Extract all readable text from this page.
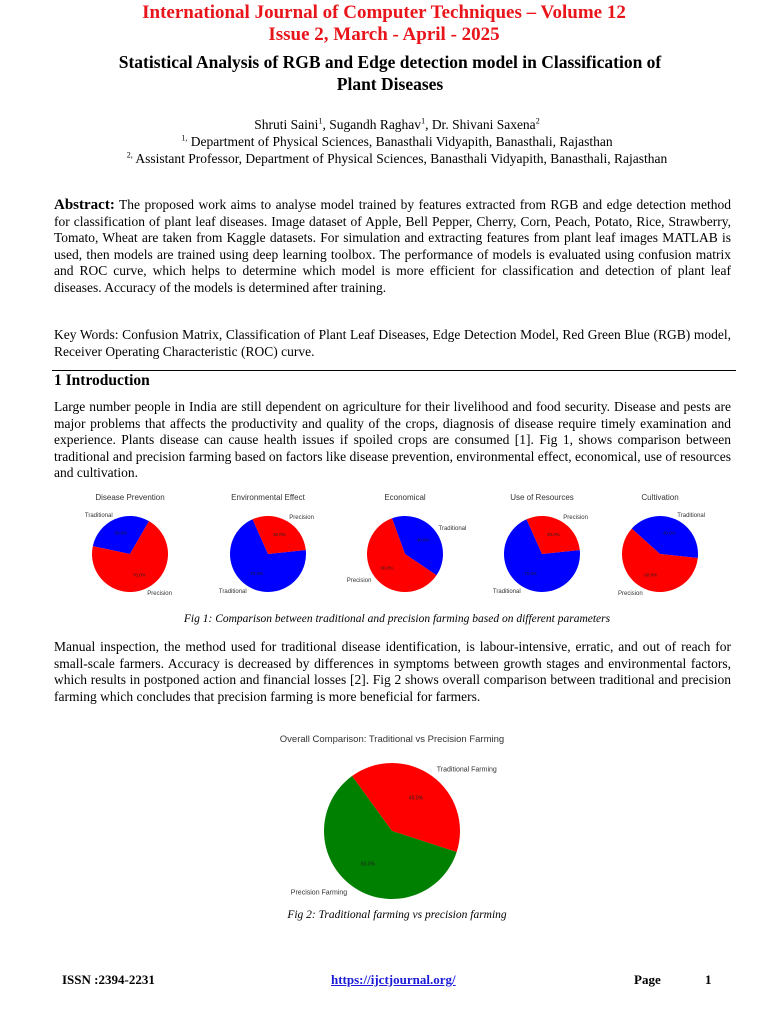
International Journal of Computer Techniques – Volume 12
Issue 2, March - April - 2025
Statistical Analysis of RGB and Edge detection model in Classification of
Plant Diseases
Shruti Saini$^1$, Sugandh Raghav$^1$, Dr. Shivani Saxena$^2$
$^{1,}$ Department of Physical Sciences, Banasthali Vidyapith, Banasthali, Rajasthan
$^{2,}$ Assistant Professor, Department of Physical Sciences, Banasthali Vidyapith, Banasthali, Rajasthan
Abstract: The proposed work aims to analyse model trained by features extracted from RGB and edge detection method for classification of plant leaf diseases. Image dataset of Apple, Bell Pepper, Cherry, Corn, Peach, Potato, Rice, Strawberry, Tomato, Wheat are taken from Kaggle datasets. For simulation and extracting features from plant leaf images MATLAB is used, then models are trained using deep learning toolbox. The performance of models is evaluated using confusion matrix and ROC curve, which helps to determine which model is more efficient for classification and detection of plant leaf diseases. Accuracy of the models is determined after training.
Key Words: Confusion Matrix, Classification of Plant Leaf Diseases, Edge Detection Model, Red Green Blue (RGB) model, Receiver Operating Characteristic (ROC) curve.
1 Introduction
Large number people in India are still dependent on agriculture for their livelihood and food security. Disease and pests are major problems that affects the productivity and quality of the crops, diagnosis of disease require timely examination and experience. Plants disease can cause health issues if spoiled crops are consumed [1]. Fig 1, shows comparison between traditional and precision farming based on factors like disease prevention, environmental effect, economical, use of resources and cultivation.
30.0%
Traditional
70.0%
Precision
Disease Prevention
70.0%
Traditional
30.0%
Precision
Environmental Effect
40.0%
Traditional
60.0%
Precision
Economical
70.0%
Traditional
30.0%
Precision
Use of Resources
40.0%
Traditional
60.0%
Precision
Cultivation
Fig 1: Comparison between traditional and precision farming based on different parameters
Manual inspection, the method used for traditional disease identification, is labour-intensive, erratic, and out of reach for small-scale farmers. Accuracy is decreased by differences in symptoms between growth stages and environmental factors, which results in postponed action and financial losses [2]. Fig 2 shows overall comparison between traditional and precision farming which concludes that precision farming is more beneficial for farmers.
40.0%
Traditional Farming
60.0%
Precision Farming
Overall Comparison: Traditional vs Precision Farming
Fig 2: Traditional farming vs precision farming
ISSN :2394-2231	https://ijctjournal.org/	Page	1
